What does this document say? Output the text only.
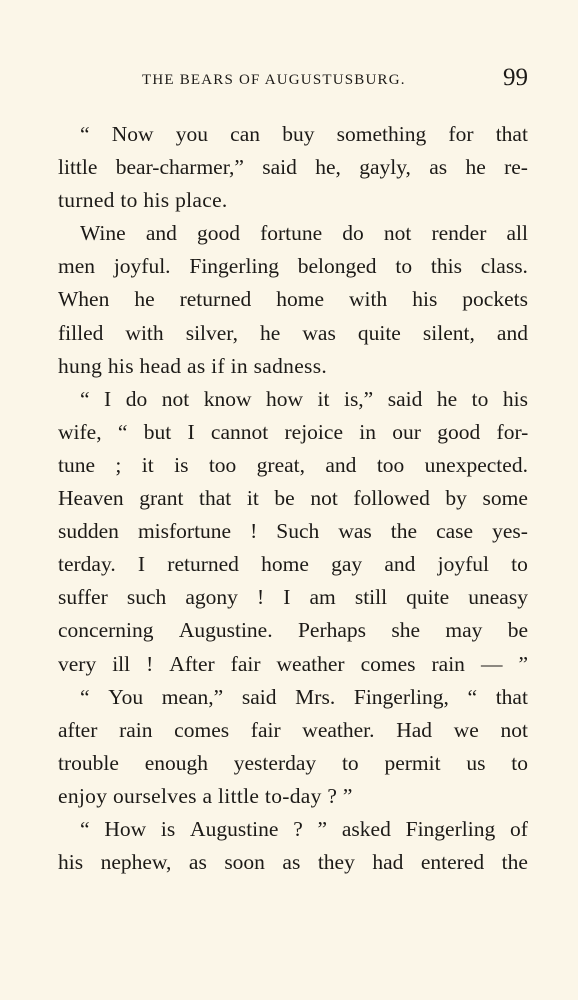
THE BEARS OF AUGUSTUSBURG.	99
“ Now you can buy something for that
little bear-charmer,” said he, gayly, as he re-
turned to his place.
Wine and good fortune do not render all
men joyful. Fingerling belonged to this class.
When he returned home with his pockets
filled with silver, he was quite silent, and
hung his head as if in sadness.
“ I do not know how it is,” said he to his
wife, “ but I cannot rejoice in our good for-
tune ; it is too great, and too unexpected.
Heaven grant that it be not followed by some
sudden misfortune ! Such was the case yes-
terday. I returned home gay and joyful to
suffer such agony ! I am still quite uneasy
concerning Augustine. Perhaps she may be
very ill ! After fair weather comes rain — ”
“ You mean,” said Mrs. Fingerling, “ that
after rain comes fair weather. Had we not
trouble enough yesterday to permit us to
enjoy ourselves a little to-day ? ”
“ How is Augustine ? ” asked Fingerling of
his nephew, as soon as they had entered the
